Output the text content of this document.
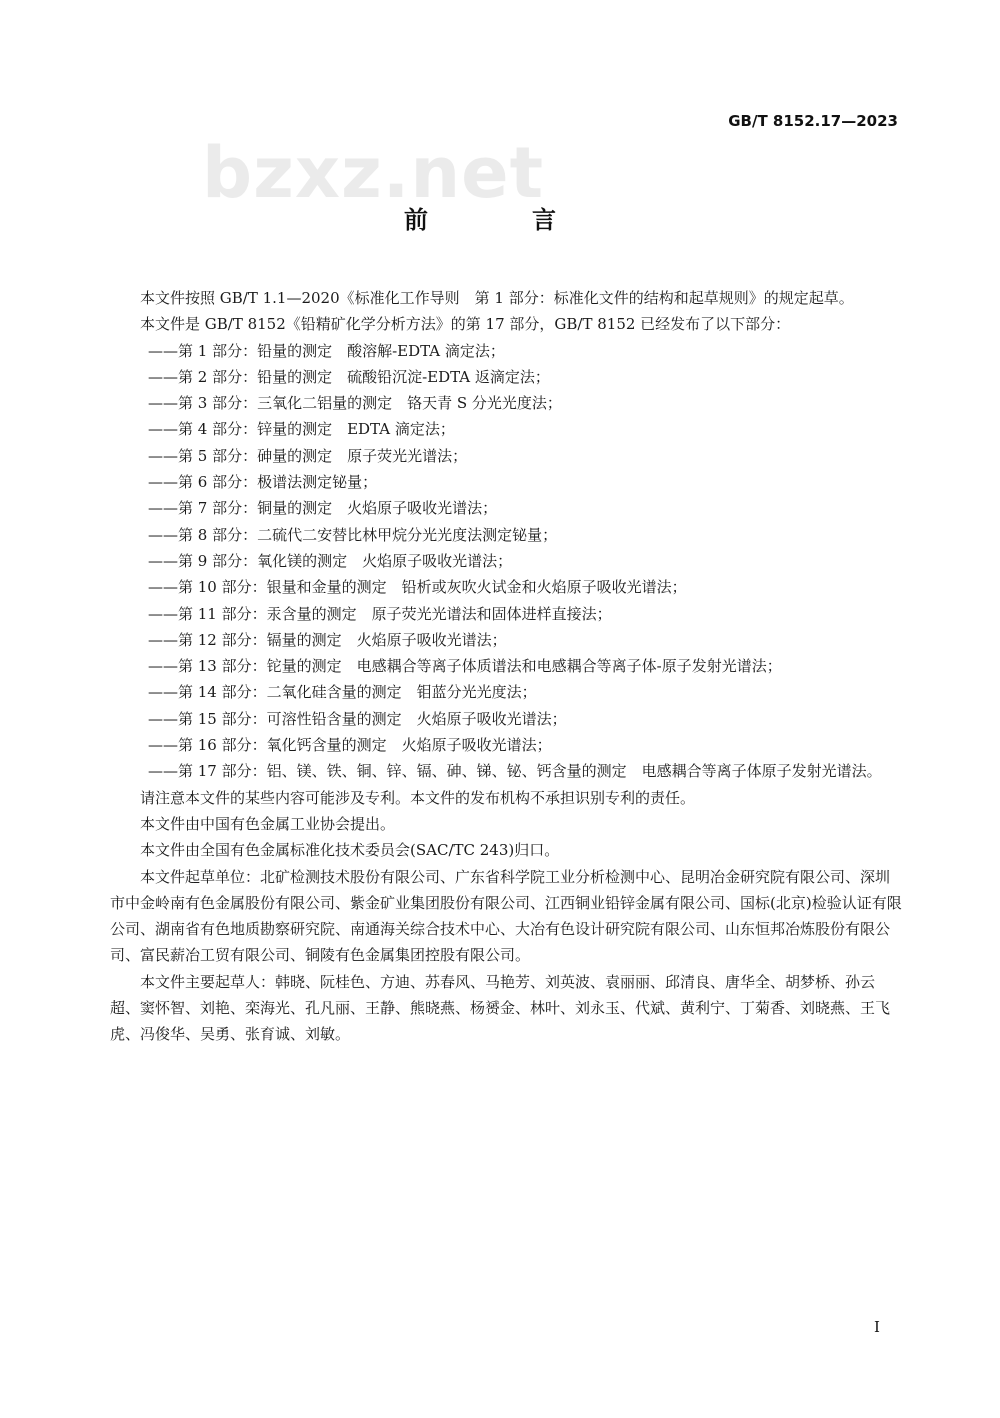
GB/T 8152.17—2023
bzxz.net
前　言

本文件按照 GB/T 1.1—2020《标准化工作导则　第 1 部分：标准化文件的结构和起草规则》的规定起草。

本文件是 GB/T 8152《铅精矿化学分析方法》的第 17 部分，GB/T 8152 已经发布了以下部分：

——第 1 部分：铅量的测定　酸溶解-EDTA 滴定法；
——第 2 部分：铅量的测定　硫酸铅沉淀-EDTA 返滴定法；
——第 3 部分：三氧化二铝量的测定　铬天青 S 分光光度法；
——第 4 部分：锌量的测定　EDTA 滴定法；
——第 5 部分：砷量的测定　原子荧光光谱法；
——第 6 部分：极谱法测定铋量；
——第 7 部分：铜量的测定　火焰原子吸收光谱法；
——第 8 部分：二硫代二安替比林甲烷分光光度法测定铋量；
——第 9 部分：氧化镁的测定　火焰原子吸收光谱法；
——第 10 部分：银量和金量的测定　铅析或灰吹火试金和火焰原子吸收光谱法；
——第 11 部分：汞含量的测定　原子荧光光谱法和固体进样直接法；
——第 12 部分：镉量的测定　火焰原子吸收光谱法；
——第 13 部分：铊量的测定　电感耦合等离子体质谱法和电感耦合等离子体-原子发射光谱法；
——第 14 部分：二氧化硅含量的测定　钼蓝分光光度法；
——第 15 部分：可溶性铅含量的测定　火焰原子吸收光谱法；
——第 16 部分：氧化钙含量的测定　火焰原子吸收光谱法；
——第 17 部分：铝、镁、铁、铜、锌、镉、砷、锑、铋、钙含量的测定　电感耦合等离子体原子发射光谱法。

请注意本文件的某些内容可能涉及专利。本文件的发布机构不承担识别专利的责任。

本文件由中国有色金属工业协会提出。

本文件由全国有色金属标准化技术委员会(SAC/TC 243)归口。

本文件起草单位：北矿检测技术股份有限公司、广东省科学院工业分析检测中心、昆明冶金研究院有限公司、深圳市中金岭南有色金属股份有限公司、紫金矿业集团股份有限公司、江西铜业铅锌金属有限公司、国标(北京)检验认证有限公司、湖南省有色地质勘察研究院、南通海关综合技术中心、大冶有色设计研究院有限公司、山东恒邦冶炼股份有限公司、富民薪冶工贸有限公司、铜陵有色金属集团控股有限公司。

本文件主要起草人：韩晓、阮桂色、方迪、苏春风、马艳芳、刘英波、袁丽丽、邱清良、唐华全、胡梦桥、孙云超、窦怀智、刘艳、栾海光、孔凡丽、王静、熊晓燕、杨赟金、林叶、刘永玉、代斌、黄利宁、丁菊香、刘晓燕、王飞虎、冯俊华、吴勇、张育诚、刘敏。

I
